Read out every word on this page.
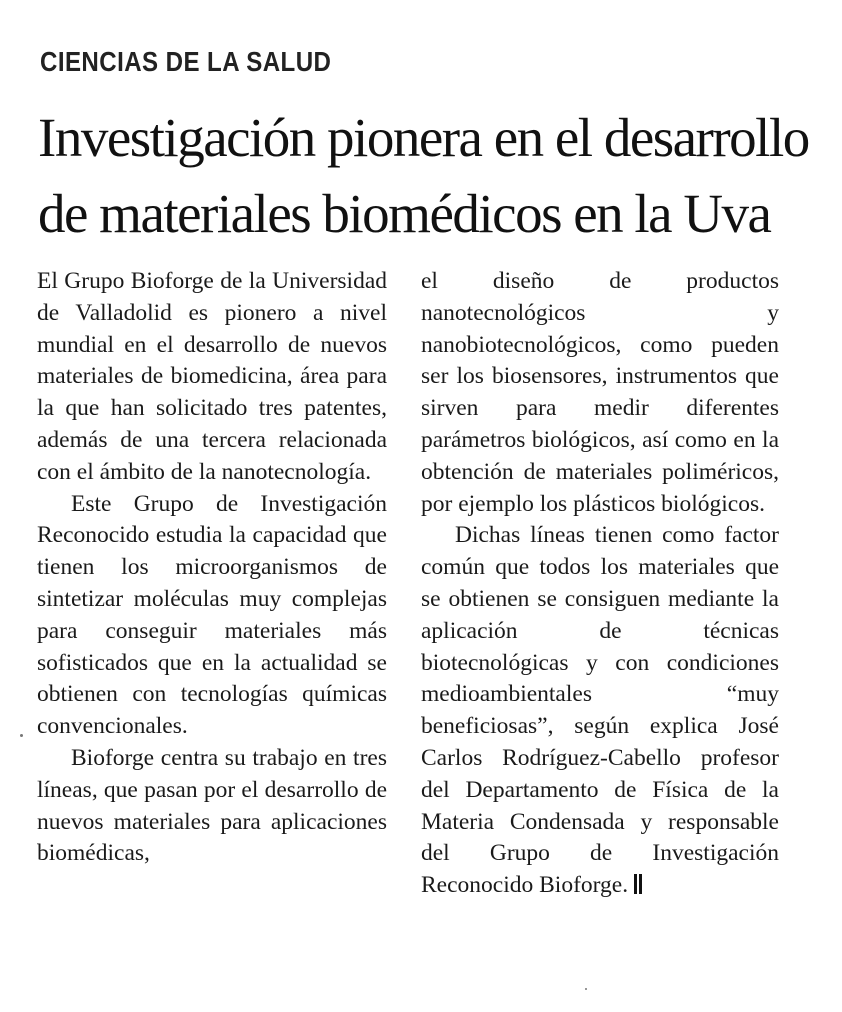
CIENCIAS DE LA SALUD
Investigación pionera en el desarrollo
de materiales biomédicos en la Uva

El Grupo Bioforge de la Universidad de Valladolid es pionero a nivel mundial en el desarrollo de nuevos materiales de biomedicina, área para la que han solicitado tres patentes, además de una tercera relacionada con el ámbito de la nanotecnología.

Este Grupo de Investigación Reconocido estudia la capacidad que tienen los microorganismos de sintetizar moléculas muy complejas para conseguir materiales más sofisticados que en la actualidad se obtienen con tecnologías químicas convencionales.

Bioforge centra su trabajo en tres líneas, que pasan por el desarrollo de nuevos materiales para aplicaciones biomédicas,

el diseño de productos nanotecnológicos y nanobiotecnológicos, como pueden ser los biosensores, instrumentos que sirven para medir diferentes parámetros biológicos, así como en la obtención de materiales poliméricos, por ejemplo los plásticos biológicos.

Dichas líneas tienen como factor común que todos los materiales que se obtienen se consiguen mediante la aplicación de técnicas biotecnológicas y con condiciones medioambientales “muy beneficiosas”, según explica José Carlos Rodríguez-Cabello profesor del Departamento de Física de la Materia Condensada y responsable del Grupo de Investigación Reconocido Bioforge.
